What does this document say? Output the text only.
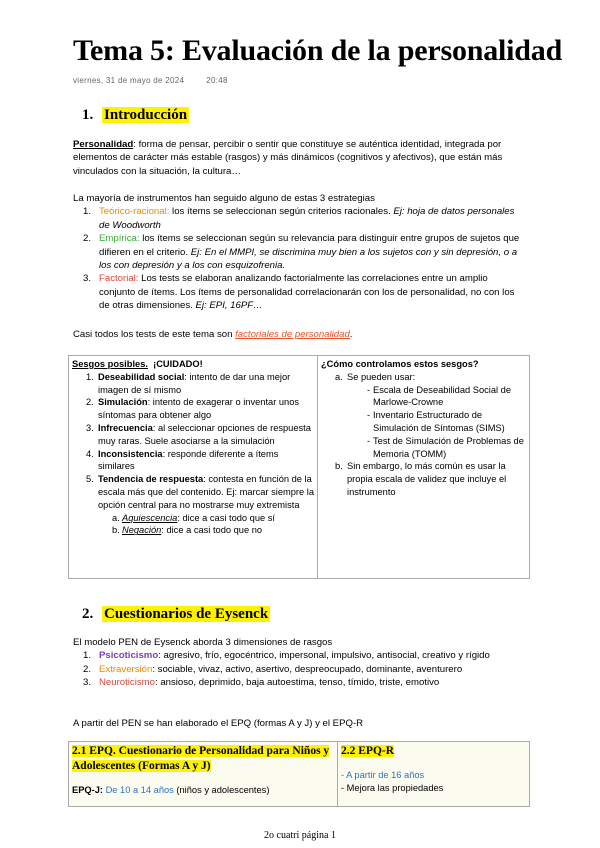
Tema 5: Evaluación de la personalidad
viernes, 31 de mayo de 2024	20:48
1. Introducción
Personalidad: forma de pensar, percibir o sentir que constituye se auténtica identidad, integrada por elementos de carácter más estable (rasgos) y más dinámicos (cognitivos y afectivos), que están más vinculados con la situación, la cultura…
La mayoría de instrumentos han seguido alguno de estas 3 estrategias
1. Teórico-racional: los ítems se seleccionan según criterios racionales. Ej: hoja de datos personales de Woodworth
2. Empírica: los ítems se seleccionan según su relevancia para distinguir entre grupos de sujetos que difieren en el criterio. Ej: En el MMPI, se discrimina muy bien a los sujetos con y sin depresión, o a los con depresión y a los con esquizofrenia.
3. Factorial: Los tests se elaboran analizando factorialmente las correlaciones entre un amplio conjunto de ítems. Los ítems de personalidad correlacionarán con los de personalidad, no con los de otras dimensiones. Ej: EPI, 16PF…
Casi todos los tests de este tema son factoriales de personalidad.
Sesgos posibles. ¡CUIDADO!
1. Deseabilidad social: intento de dar una mejor imagen de sí mismo
2. Simulación: intento de exagerar o inventar unos síntomas para obtener algo
3. Infrecuencia: al seleccionar opciones de respuesta muy raras. Suele asociarse a la simulación
4. Inconsistencia: responde diferente a ítems similares
5. Tendencia de respuesta: contesta en función de la escala más que del contenido. Ej: marcar siempre la opción central para no mostrarse muy extremista
a. Aquiescencia: dice a casi todo que sí
b. Negación: dice a casi todo que no

¿Cómo controlamos estos sesgos?
a. Se pueden usar:
- Escala de Deseabilidad Social de Marlowe-Crowne
- Inventario Estructurado de Simulación de Síntomas (SIMS)
- Test de Simulación de Problemas de Memoria (TOMM)
b. Sin embargo, lo más común es usar la propia escala de validez que incluye el instrumento
2. Cuestionarios de Eysenck
El modelo PEN de Eysenck aborda 3 dimensiones de rasgos
1. Psicoticismo: agresivo, frío, egocéntrico, impersonal, impulsivo, antisocial, creativo y rígido
2. Extraversión: sociable, vivaz, activo, asertivo, despreocupado, dominante, aventurero
3. Neuroticismo: ansioso, deprimido, baja autoestima, tenso, tímido, triste, emotivo
A partir del PEN se han elaborado el EPQ (formas A y J) y el EPQ-R
2.1 EPQ. Cuestionario de Personalidad para Niños y Adolescentes (Formas A y J)
EPQ-J: De 10 a 14 años (niños y adolescentes)
	2.2 EPQ-R
- A partir de 16 años
- Mejora las propiedades
2o cuatri página 1
